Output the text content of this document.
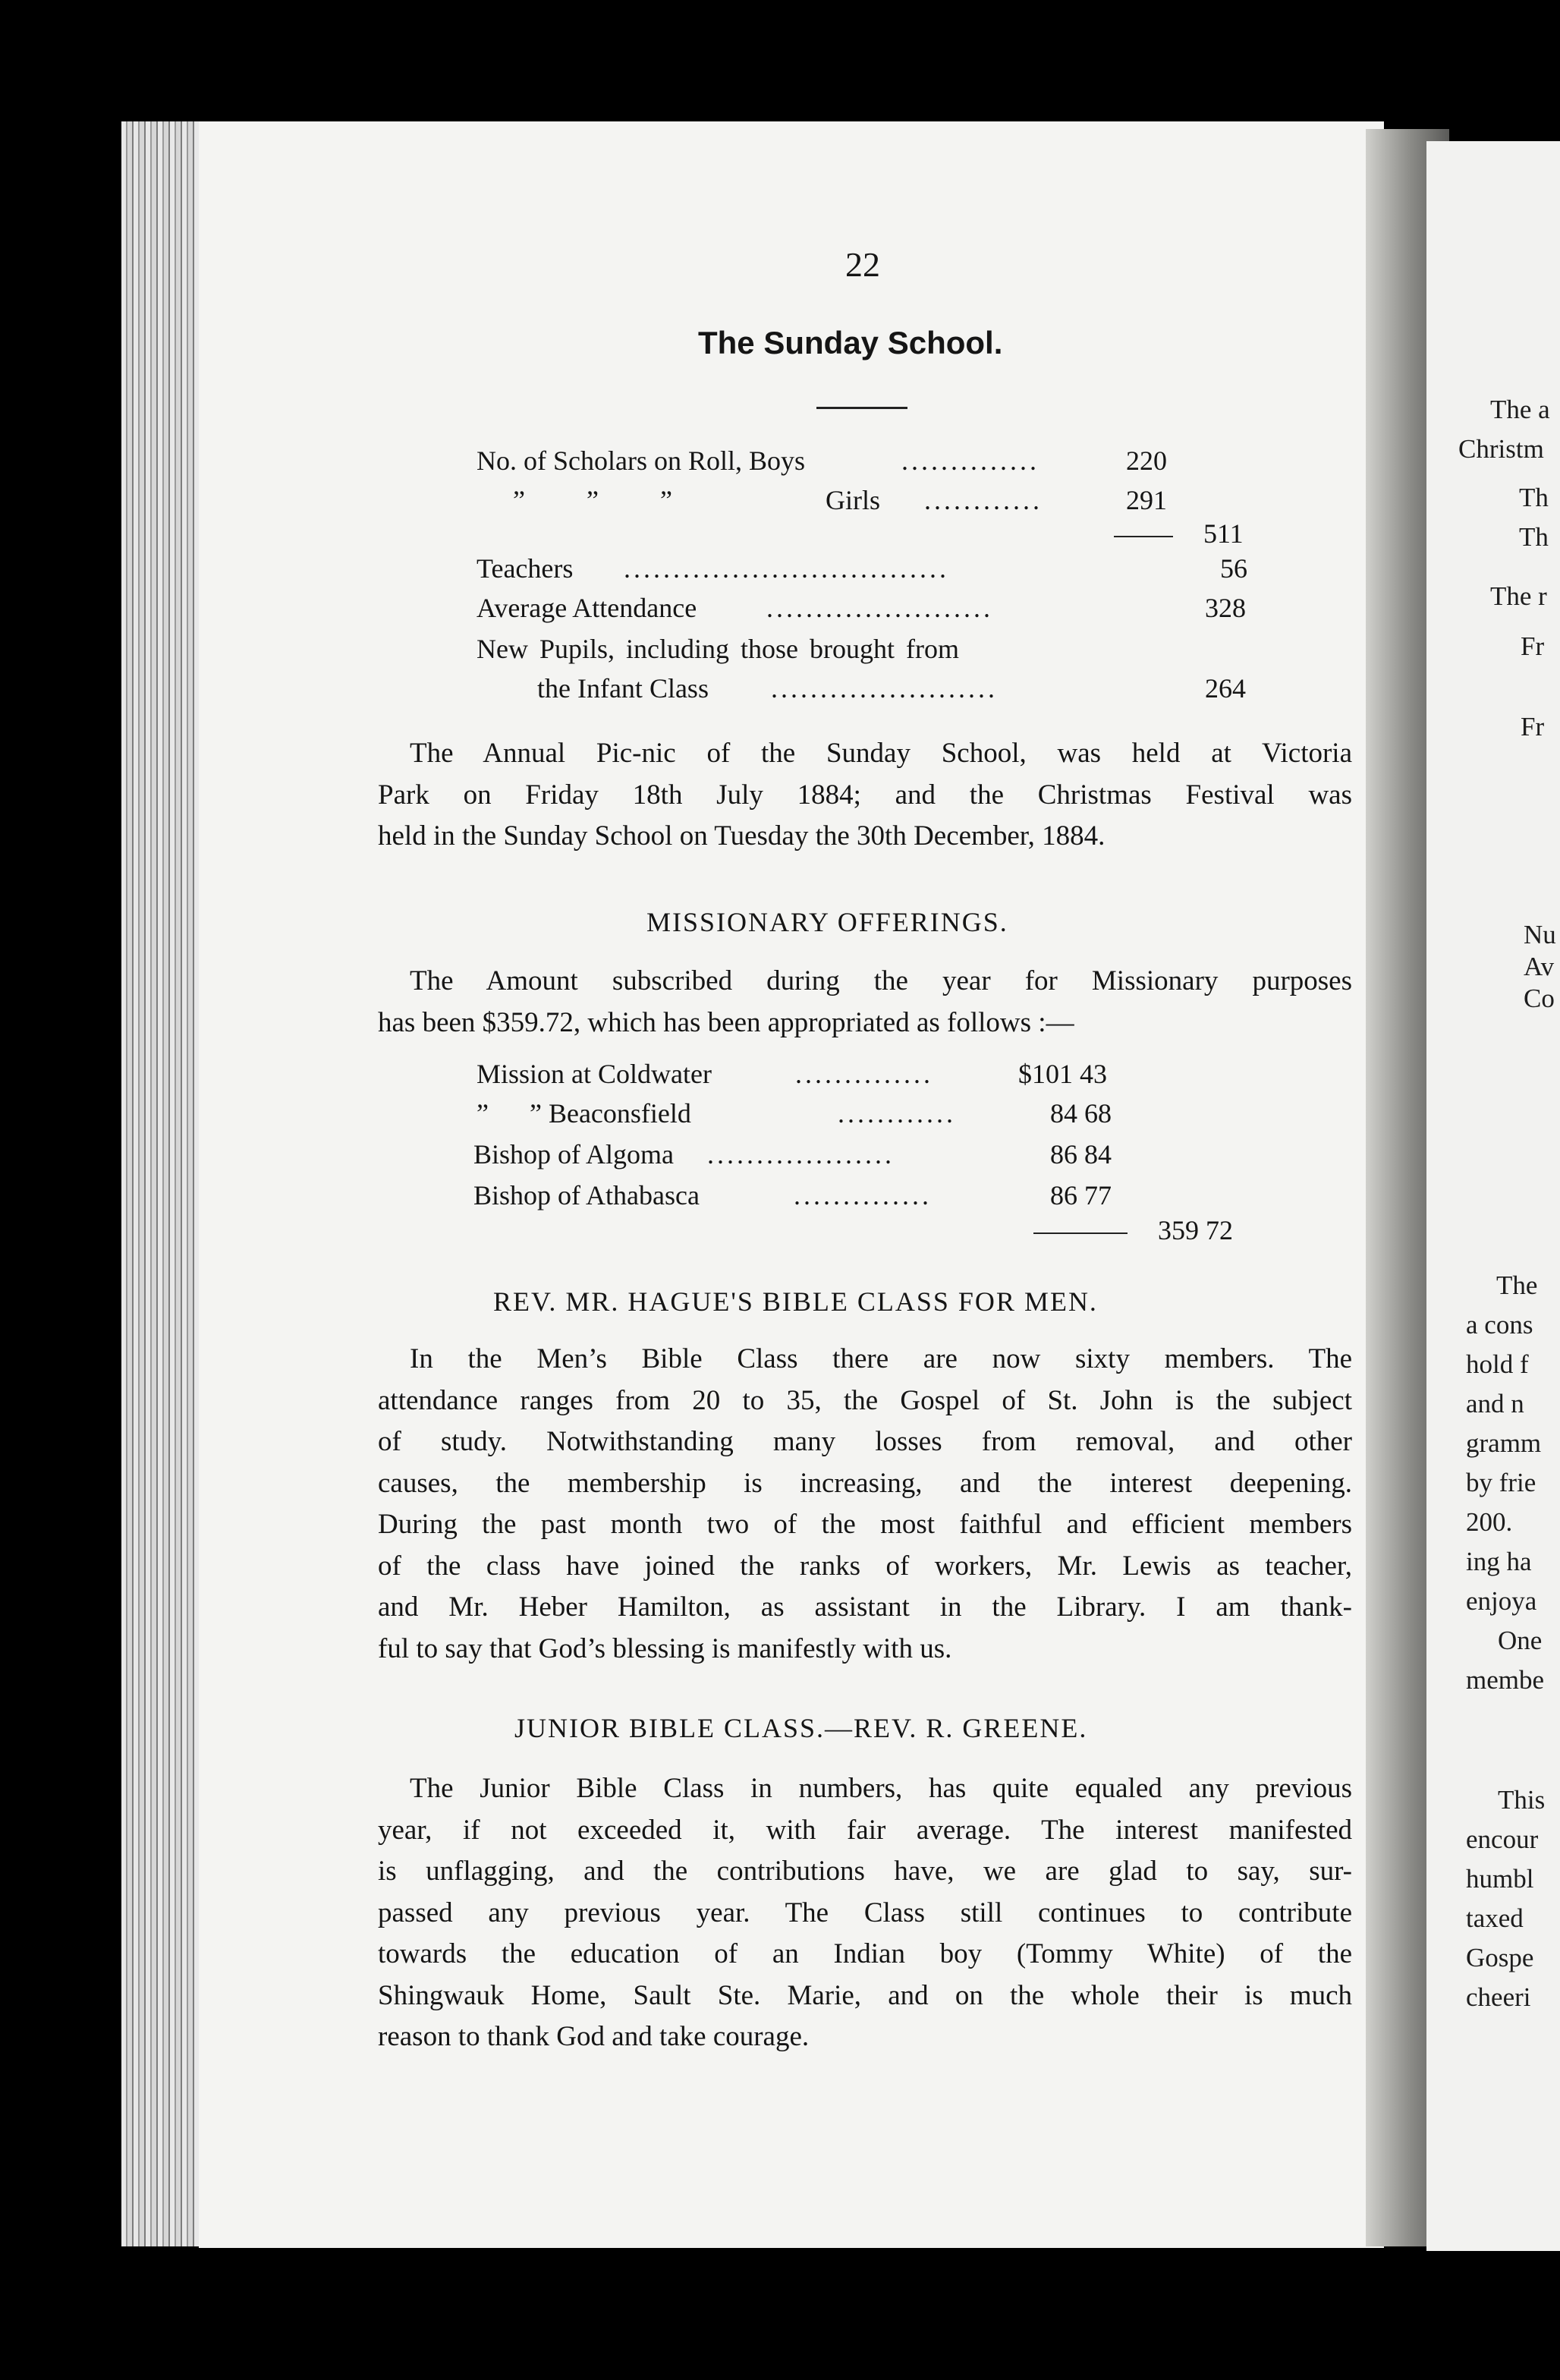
The a
Christm
Th
Th
The r
Fr
Fr
Nu
Av
Co
The
a cons
hold f
and n
gramm
by frie
200.
ing ha
enjoya
One
membe
This
encour
humbl
taxed
Gospe
cheeri
22
The Sunday School.
No. of Scholars on Roll, Boys	..............	220
”         ”         ”	Girls ............	291
511
Teachers .................................	56
Average Attendance	.......................	328
New Pupils, including those brought from
the Infant Class .......................	264
The Annual Pic-nic of the Sunday School, was held at Victoria
Park on Friday 18th July 1884; and the Christmas Festival was
held in the Sunday School on Tuesday the 30th December, 1884.
MISSIONARY OFFERINGS.
The Amount subscribed during the year for Missionary purposes
has been $359.72, which has been appropriated as follows :—
Mission at Coldwater	..............	$101 43
”      ” Beaconsfield	............	84 68
Bishop of Algoma ...................	86 84
Bishop of Athabasca	..............	86 77
359 72
REV. MR. HAGUE'S BIBLE CLASS FOR MEN.
In the Men’s Bible Class there are now sixty members. The
attendance ranges from 20 to 35, the Gospel of St. John is the subject
of study. Notwithstanding many losses from removal, and other
causes, the membership is increasing, and the interest deepening.
During the past month two of the most faithful and efficient members
of the class have joined the ranks of workers, Mr. Lewis as teacher,
and Mr. Heber Hamilton, as assistant in the Library. I am thank-
ful to say that God’s blessing is manifestly with us.
JUNIOR BIBLE CLASS.—REV. R. GREENE.
The Junior Bible Class in numbers, has quite equaled any previous
year, if not exceeded it, with fair average. The interest manifested
is unflagging, and the contributions have, we are glad to say, sur-
passed any previous year. The Class still continues to contribute
towards the education of an Indian boy (Tommy White) of the
Shingwauk Home, Sault Ste. Marie, and on the whole their is much
reason to thank God and take courage.
